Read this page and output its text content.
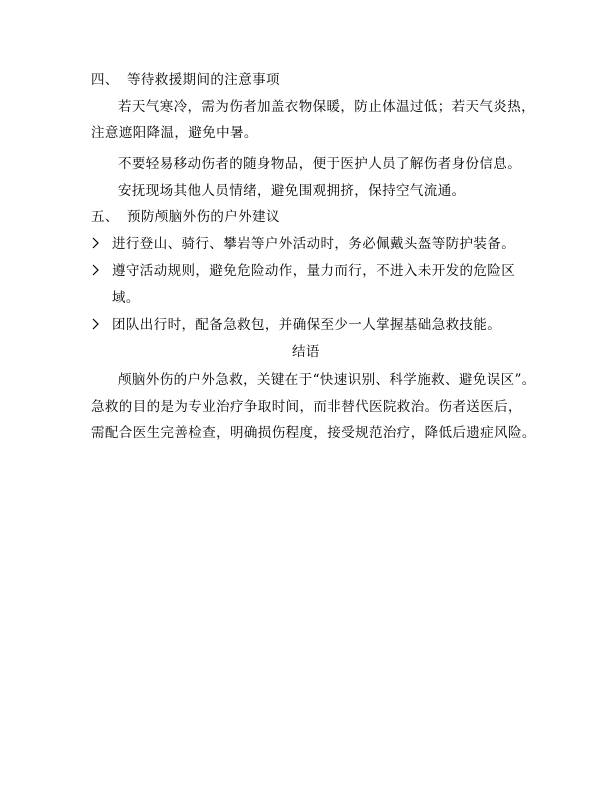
四、 等待救援期间的注意事项
若天气寒冷，需为伤者加盖衣物保暖，防止体温过低；若天气炎热，
注意遮阳降温，避免中暑。
不要轻易移动伤者的随身物品，便于医护人员了解伤者身份信息。
安抚现场其他人员情绪，避免围观拥挤，保持空气流通。
五、 预防颅脑外伤的户外建议
进行登山、骑行、攀岩等户外活动时，务必佩戴头盔等防护装备。
遵守活动规则，避免危险动作，量力而行，不进入未开发的危险区
域。
团队出行时，配备急救包，并确保至少一人掌握基础急救技能。
结语
颅脑外伤的户外急救，关键在于“快速识别、科学施救、避免误区”。
急救的目的是为专业治疗争取时间，而非替代医院救治。伤者送医后，
需配合医生完善检查，明确损伤程度，接受规范治疗，降低后遗症风险。
